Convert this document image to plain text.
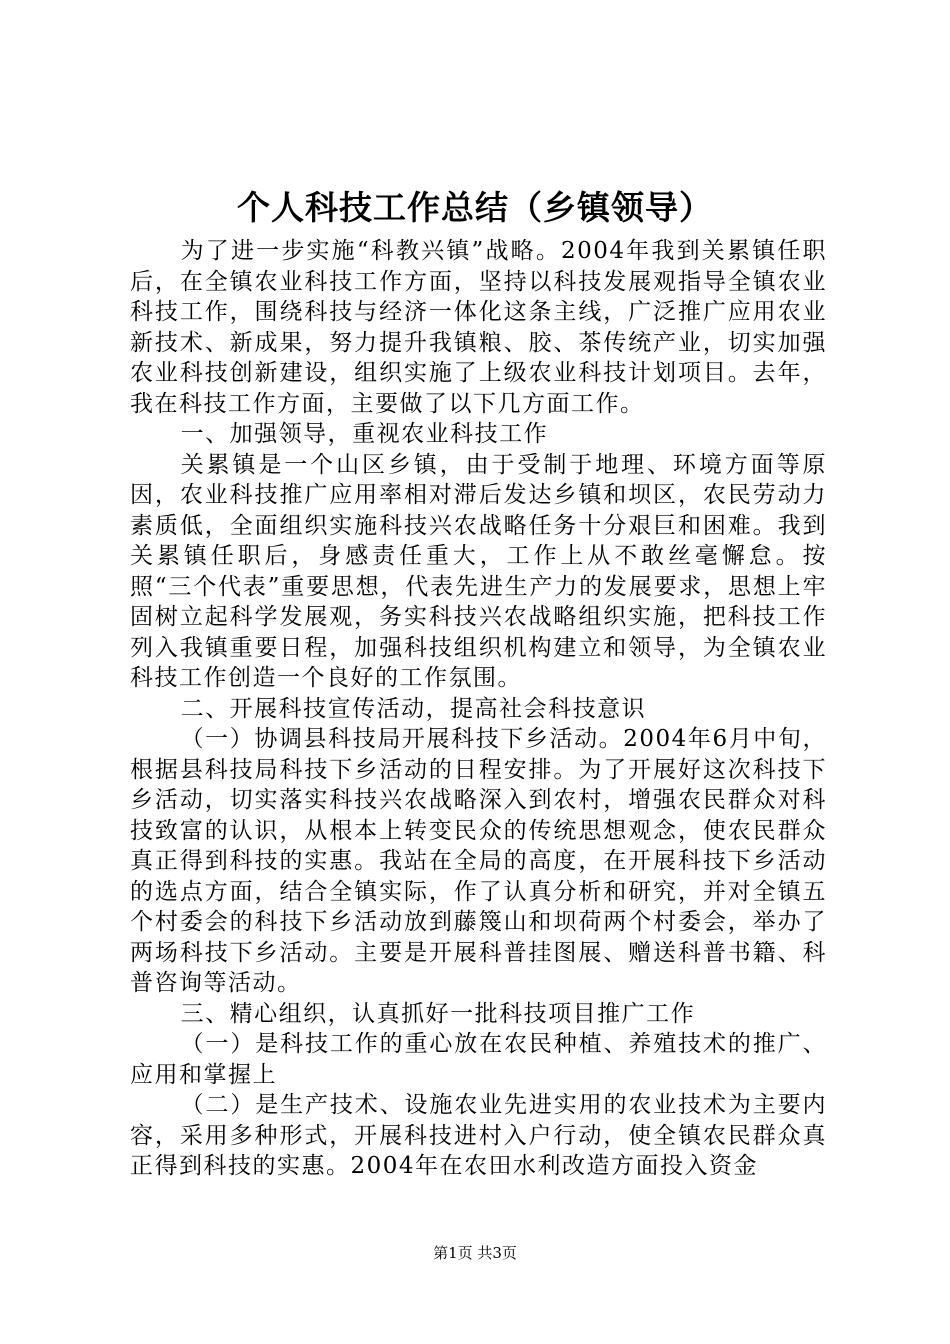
个人科技工作总结（乡镇领导）

为了进一步实施“科教兴镇”战略。2004年我到关累镇任职后，在全镇农业科技工作方面，坚持以科技发展观指导全镇农业科技工作，围绕科技与经济一体化这条主线，广泛推广应用农业新技术、新成果，努力提升我镇粮、胶、茶传统产业，切实加强农业科技创新建设，组织实施了上级农业科技计划项目。去年，我在科技工作方面，主要做了以下几方面工作。

一、加强领导，重视农业科技工作

关累镇是一个山区乡镇，由于受制于地理、环境方面等原因，农业科技推广应用率相对滞后发达乡镇和坝区，农民劳动力素质低，全面组织实施科技兴农战略任务十分艰巨和困难。我到关累镇任职后，身感责任重大，工作上从不敢丝毫懈怠。按照“三个代表”重要思想，代表先进生产力的发展要求，思想上牢固树立起科学发展观，务实科技兴农战略组织实施，把科技工作列入我镇重要日程，加强科技组织机构建立和领导，为全镇农业科技工作创造一个良好的工作氛围。

二、开展科技宣传活动，提高社会科技意识

（一）协调县科技局开展科技下乡活动。2004年6月中旬，根据县科技局科技下乡活动的日程安排。为了开展好这次科技下乡活动，切实落实科技兴农战略深入到农村，增强农民群众对科技致富的认识，从根本上转变民众的传统思想观念，使农民群众真正得到科技的实惠。我站在全局的高度，在开展科技下乡活动的选点方面，结合全镇实际，作了认真分析和研究，并对全镇五个村委会的科技下乡活动放到藤篾山和坝荷两个村委会，举办了两场科技下乡活动。主要是开展科普挂图展、赠送科普书籍、科普咨询等活动。

三、精心组织，认真抓好一批科技项目推广工作

（一）是科技工作的重心放在农民种植、养殖技术的推广、应用和掌握上

（二）是生产技术、设施农业先进实用的农业技术为主要内容，采用多种形式，开展科技进村入户行动，使全镇农民群众真正得到科技的实惠。2004年在农田水利改造方面投入资金

第1页 共3页
